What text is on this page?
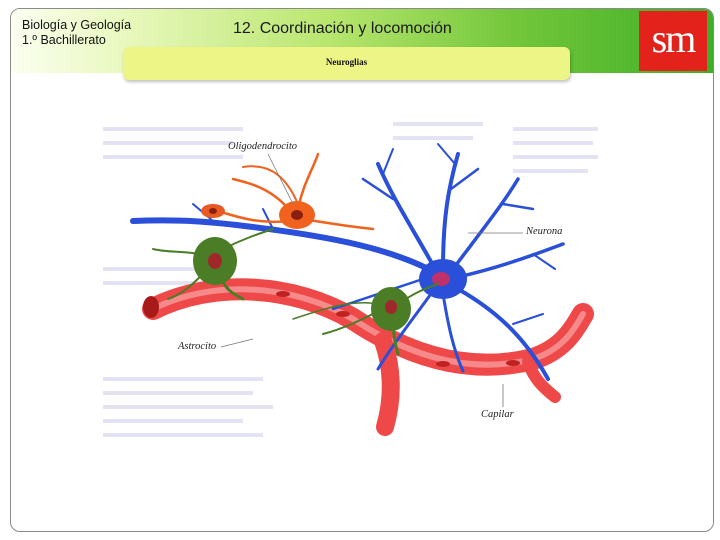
Biología y Geología
1.º Bachillerato
12. Coordinación y locomoción	sm
Neuroglias
Oligodendrocito
Neurona
Astrocito
Capilar
